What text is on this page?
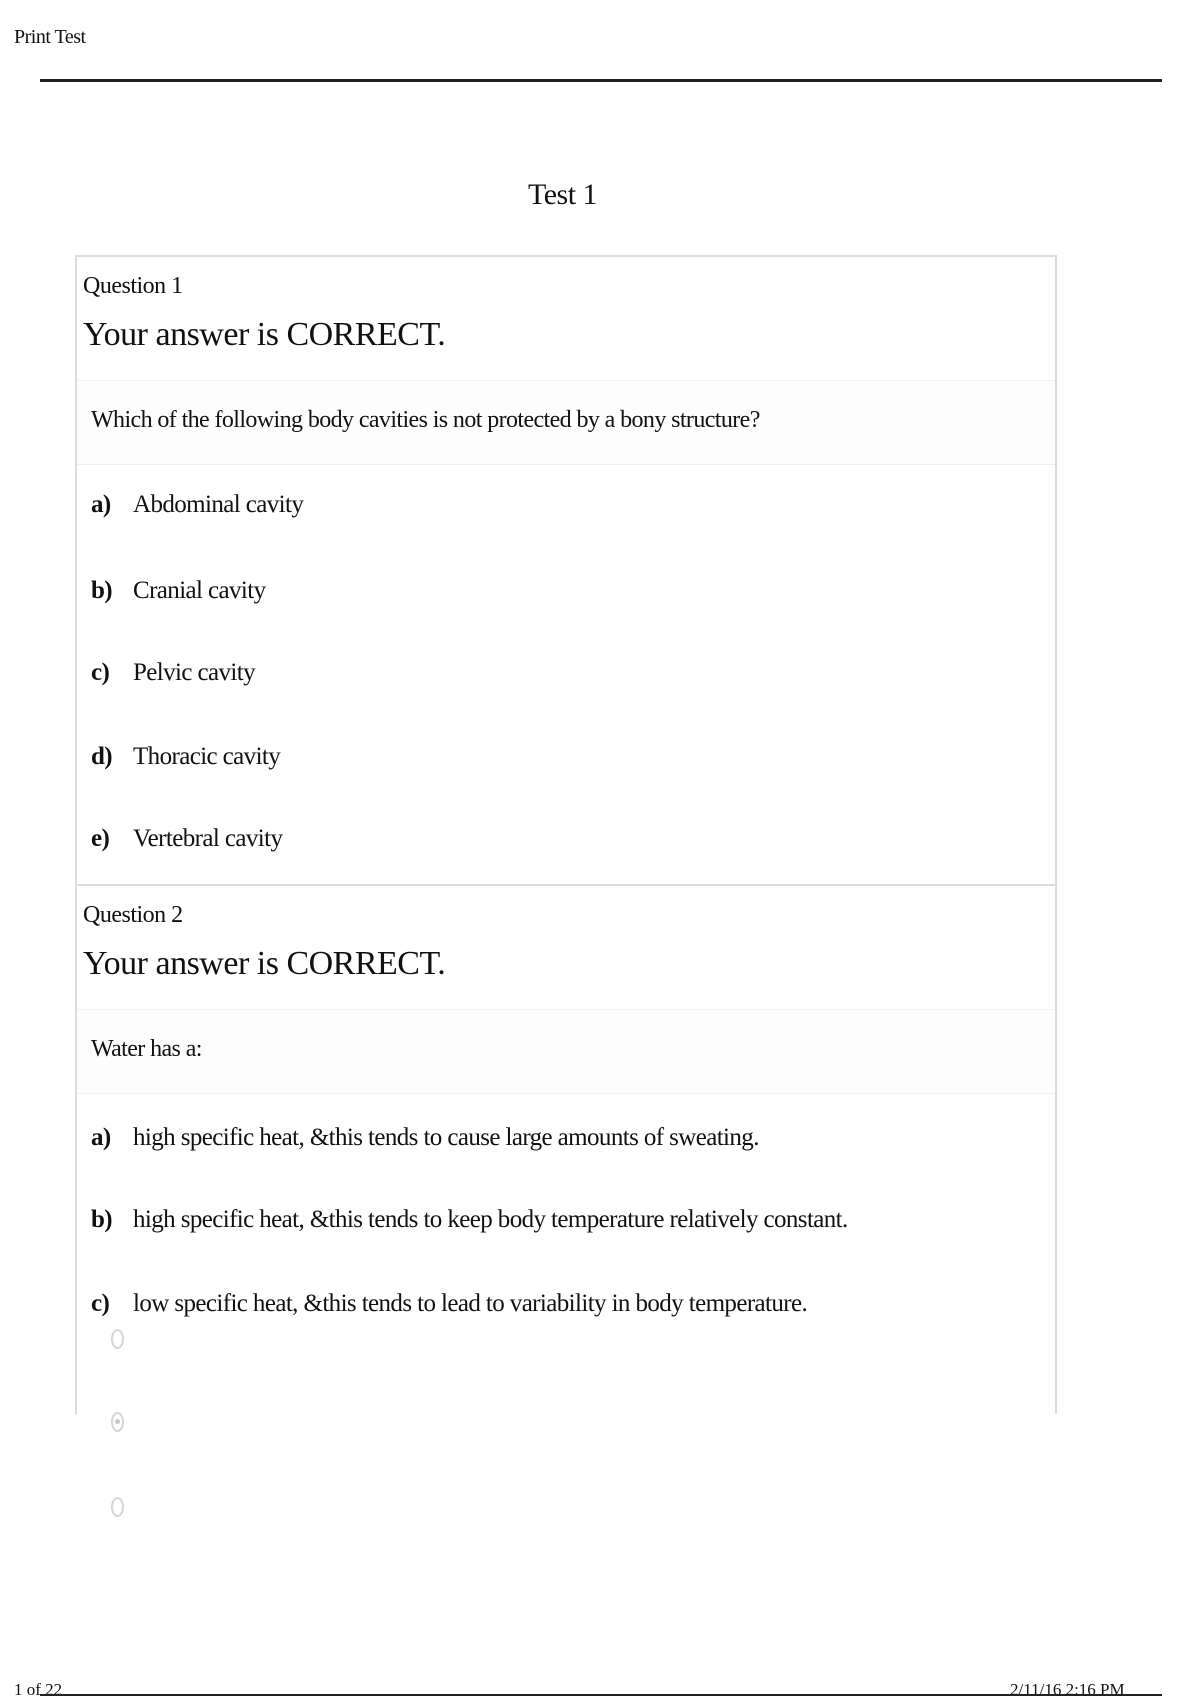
Print Test
Test 1

Question 1

Your answer is CORRECT.

Which of the following body cavities is not protected by a bony structure?
a) Abdominal cavity
b) Cranial cavity
c) Pelvic cavity
d) Thoracic cavity
e) Vertebral cavity

Question 2

Your answer is CORRECT.

Water has a:
a) high specific heat, &this tends to cause large amounts of sweating.
b) high specific heat, &this tends to keep body temperature relatively constant.
c) low specific heat, &this tends to lead to variability in body temperature.
1 of 22	2/11/16 2:16 PM
